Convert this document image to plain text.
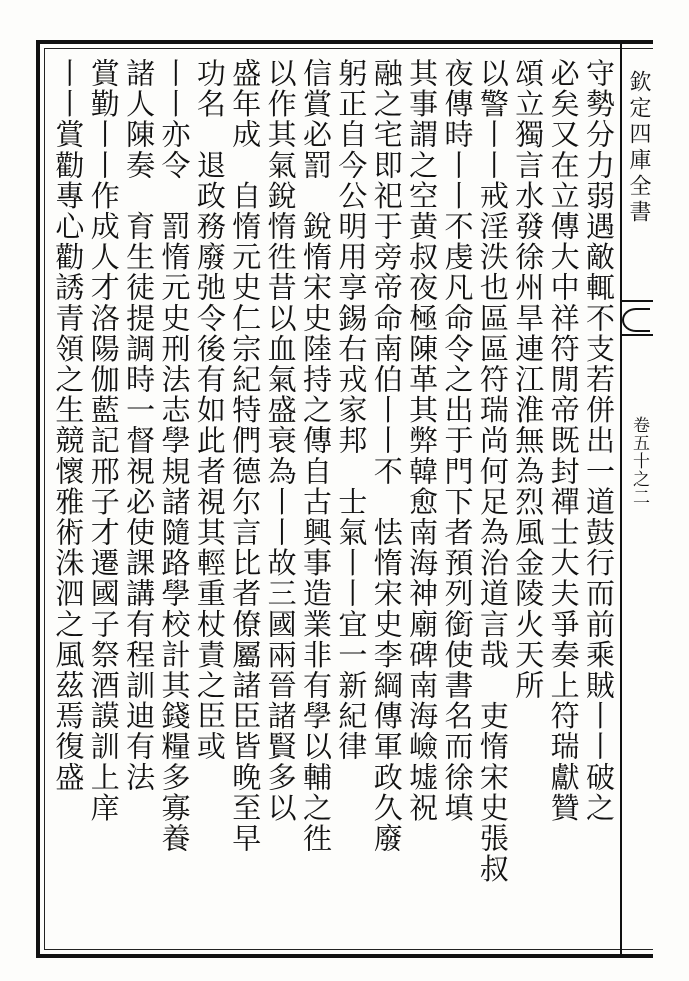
欽定四庫全書
卷五十之二
守勢分力弱遇敵輒不支若併出一道鼓行而前乘賊丨丨破之
必矣又在立傳大中祥符閒帝既封禪士大夫爭奏上符瑞獻贊
頌立獨言水發徐州旱連江淮無為烈風金陵火天所
以警丨丨戒淫泆也區區符瑞尚何足為治道言哉　吏惰宋史張叔
夜傳時丨丨不虔凡命令之出于門下者預列銜使書名而徐填
其事謂之空黄叔夜極陳革其弊韓愈南海神廟碑南海嶮墟祝
融之宅即祀于旁帝命南伯丨丨不　怯惰宋史李綱傳軍政久廢
躬正自今公明用享錫右戎家邦　士氣丨丨宜一新紀律
信賞必罰　銳惰宋史陸持之傳自古興事造業非有學以輔之徃
以作其氣銳惰徃昔以血氣盛衰為丨丨故三國兩晉諸賢多以
盛年成　自惰元史仁宗紀特們德尔言比者僚屬諸臣皆晚至早
功名　退政務廢弛令後有如此者視其輕重杖責之臣或
丨丨亦令　罰惰元史刑法志學規諸隨路學校計其錢糧多寡養
諸人陳奏　育生徒提調時一督視必使課講有程訓迪有法
賞勤丨丨作成人才洛陽伽藍記邢子才遷國子祭酒謨訓上庠
丨丨賞勸專心勸誘青領之生競懷雅術洙泗之風茲焉復盛
